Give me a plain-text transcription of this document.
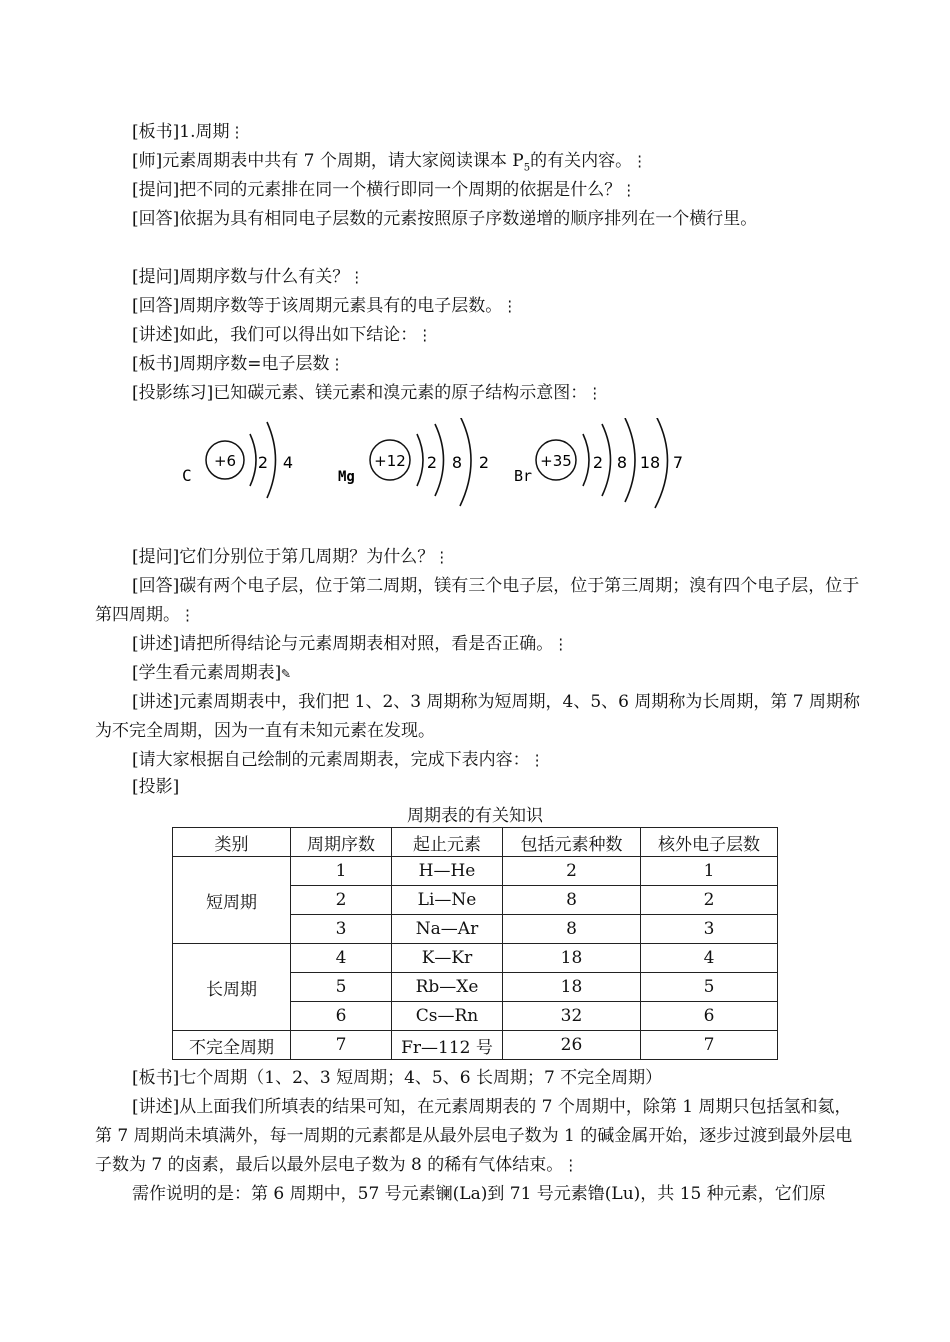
[板书]1.周期⋮
[师]元素周期表中共有 7 个周期，请大家阅读课本 $P_5$的有关内容。⋮
[提问]把不同的元素排在同一个横行即同一个周期的依据是什么？⋮
[回答]依据为具有相同电子层数的元素按照原子序数递增的顺序排列在一个横行里。
[提问]周期序数与什么有关？⋮
[回答]周期序数等于该周期元素具有的电子层数。⋮
[讲述]如此，我们可以得出如下结论：⋮
[板书]周期序数=电子层数⋮
[投影练习]已知碳元素、镁元素和溴元素的原子结构示意图：⋮
C
+6 2 4
Mg
+12 2 8 2
Br
+35 2 8 18 7
[提问]它们分别位于第几周期？为什么？⋮
[回答]碳有两个电子层，位于第二周期，镁有三个电子层，位于第三周期；溴有四个电子层，位于第四周期。⋮
[讲述]请把所得结论与元素周期表相对照，看是否正确。⋮
[学生看元素周期表]✎
[讲述]元素周期表中，我们把 1、2、3 周期称为短周期，4、5、6 周期称为长周期，第 7 周期称为不完全周期，因为一直有未知元素在发现。
[请大家根据自己绘制的元素周期表，完成下表内容：⋮
[投影]
周期表的有关知识
类别	周期序数	起止元素	包括元素种数	核外电子层数
短周期	1	H—He	2	1
	2	Li—Ne	8	2
	3	Na—Ar	8	3
长周期	4	K—Kr	18	4
	5	Rb—Xe	18	5
	6	Cs—Rn	32	6
不完全周期	7	Fr—112 号	26	7
[板书]七个周期（1、2、3 短周期；4、5、6 长周期；7 不完全周期）
[讲述]从上面我们所填表的结果可知，在元素周期表的 7 个周期中，除第 1 周期只包括氢和氦，第 7 周期尚未填满外，每一周期的元素都是从最外层电子数为 1 的碱金属开始，逐步过渡到最外层电子数为 7 的卤素，最后以最外层电子数为 8 的稀有气体结束。⋮
需作说明的是：第 6 周期中，57 号元素镧(La)到 71 号元素镥(Lu)，共 15 种元素，它们原
